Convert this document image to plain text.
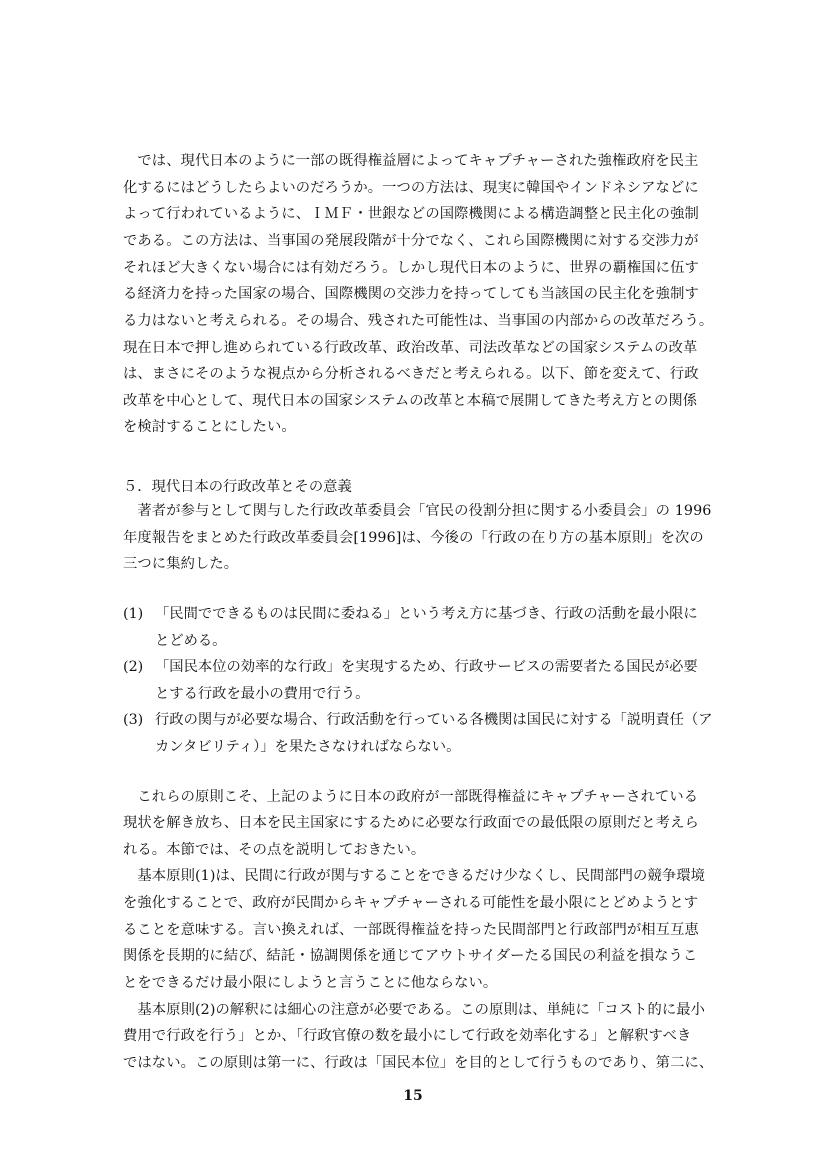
　では、現代日本のように一部の既得権益層によってキャプチャーされた強権政府を民主
化するにはどうしたらよいのだろうか。一つの方法は、現実に韓国やインドネシアなどに
よって行われているように、ＩＭＦ・世銀などの国際機関による構造調整と民主化の強制
である。この方法は、当事国の発展段階が十分でなく、これら国際機関に対する交渉力が
それほど大きくない場合には有効だろう。しかし現代日本のように、世界の覇権国に伍す
る経済力を持った国家の場合、国際機関の交渉力を持ってしても当該国の民主化を強制す
る力はないと考えられる。その場合、残された可能性は、当事国の内部からの改革だろう。
現在日本で押し進められている行政改革、政治改革、司法改革などの国家システムの改革
は、まさにそのような視点から分析されるべきだと考えられる。以下、節を変えて、行政
改革を中心として、現代日本の国家システムの改革と本稿で展開してきた考え方との関係
を検討することにしたい。
５．現代日本の行政改革とその意義
　著者が参与として関与した行政改革委員会「官民の役割分担に関する小委員会」の 1996
年度報告をまとめた行政改革委員会[1996]は、今後の「行政の在り方の基本原則」を次の
三つに集約した。
(1) 「民間でできるものは民間に委ねる」という考え方に基づき、行政の活動を最小限に
とどめる。
(2) 「国民本位の効率的な行政」を実現するため、行政サービスの需要者たる国民が必要
とする行政を最小の費用で行う。
(3) 行政の関与が必要な場合、行政活動を行っている各機関は国民に対する「説明責任（ア
カンタビリティ）」を果たさなければならない。
　これらの原則こそ、上記のように日本の政府が一部既得権益にキャプチャーされている
現状を解き放ち、日本を民主国家にするために必要な行政面での最低限の原則だと考えら
れる。本節では、その点を説明しておきたい。
　基本原則(1)は、民間に行政が関与することをできるだけ少なくし、民間部門の競争環境
を強化することで、政府が民間からキャプチャーされる可能性を最小限にとどめようとす
ることを意味する。言い換えれば、一部既得権益を持った民間部門と行政部門が相互互恵
関係を長期的に結び、結託・協調関係を通じてアウトサイダーたる国民の利益を損なうこ
とをできるだけ最小限にしようと言うことに他ならない。
　基本原則(2)の解釈には細心の注意が必要である。この原則は、単純に「コスト的に最小
費用で行政を行う」とか、「行政官僚の数を最小にして行政を効率化する」と解釈すべき
ではない。この原則は第一に、行政は「国民本位」を目的として行うものであり、第二に、
15
